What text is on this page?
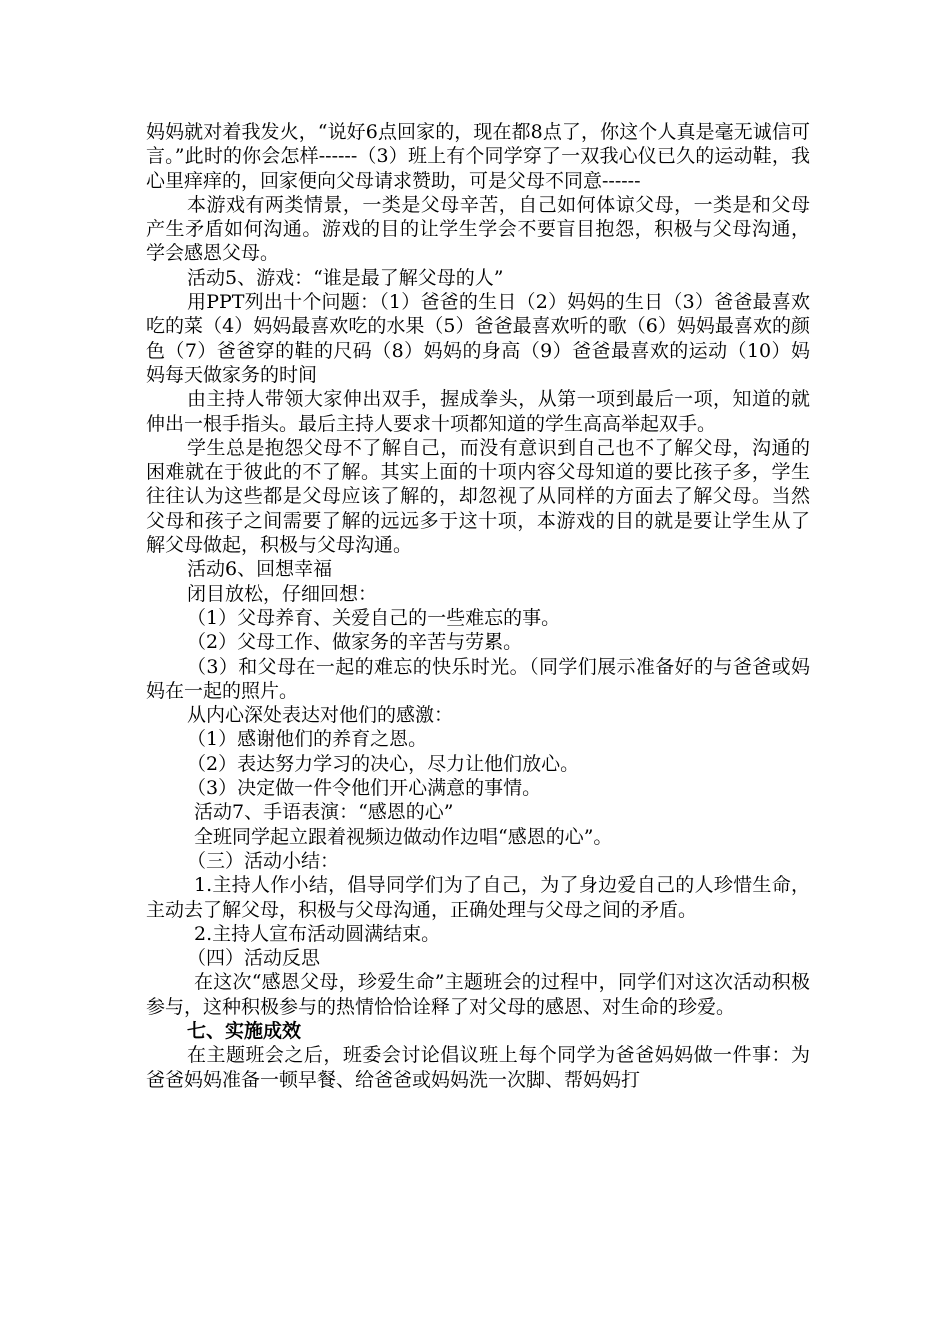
妈妈就对着我发火，“说好6点回家的，现在都8点了，你这个人真是毫无诚信可言。”此时的你会怎样------（3）班上有个同学穿了一双我心仪已久的运动鞋，我心里痒痒的，回家便向父母请求赞助，可是父母不同意------

本游戏有两类情景，一类是父母辛苦，自己如何体谅父母，一类是和父母产生矛盾如何沟通。游戏的目的让学生学会不要盲目抱怨，积极与父母沟通，学会感恩父母。

活动5、游戏：“谁是最了解父母的人”

用PPT列出十个问题：（1）爸爸的生日（2）妈妈的生日（3）爸爸最喜欢吃的菜（4）妈妈最喜欢吃的水果（5）爸爸最喜欢听的歌（6）妈妈最喜欢的颜色（7）爸爸穿的鞋的尺码（8）妈妈的身高（9）爸爸最喜欢的运动（10）妈妈每天做家务的时间

由主持人带领大家伸出双手，握成拳头，从第一项到最后一项，知道的就伸出一根手指头。最后主持人要求十项都知道的学生高高举起双手。

学生总是抱怨父母不了解自己，而没有意识到自己也不了解父母，沟通的困难就在于彼此的不了解。其实上面的十项内容父母知道的要比孩子多，学生往往认为这些都是父母应该了解的，却忽视了从同样的方面去了解父母。当然父母和孩子之间需要了解的远远多于这十项，本游戏的目的就是要让学生从了解父母做起，积极与父母沟通。

活动6、回想幸福

闭目放松，仔细回想：

（1）父母养育、关爱自己的一些难忘的事。

（2）父母工作、做家务的辛苦与劳累。

（3）和父母在一起的难忘的快乐时光。（同学们展示准备好的与爸爸或妈妈在一起的照片。

从内心深处表达对他们的感激：

（1）感谢他们的养育之恩。

（2）表达努力学习的决心，尽力让他们放心。

（3）决定做一件令他们开心满意的事情。

活动7、手语表演：“感恩的心”

全班同学起立跟着视频边做动作边唱“感恩的心”。

（三）活动小结：

1.主持人作小结，倡导同学们为了自己，为了身边爱自己的人珍惜生命，主动去了解父母，积极与父母沟通，正确处理与父母之间的矛盾。

2.主持人宣布活动圆满结束。

（四）活动反思

在这次“感恩父母，珍爱生命”主题班会的过程中，同学们对这次活动积极参与，这种积极参与的热情恰恰诠释了对父母的感恩、对生命的珍爱。

七、实施成效

在主题班会之后，班委会讨论倡议班上每个同学为爸爸妈妈做一件事：为爸爸妈妈准备一顿早餐、给爸爸或妈妈洗一次脚、帮妈妈打
